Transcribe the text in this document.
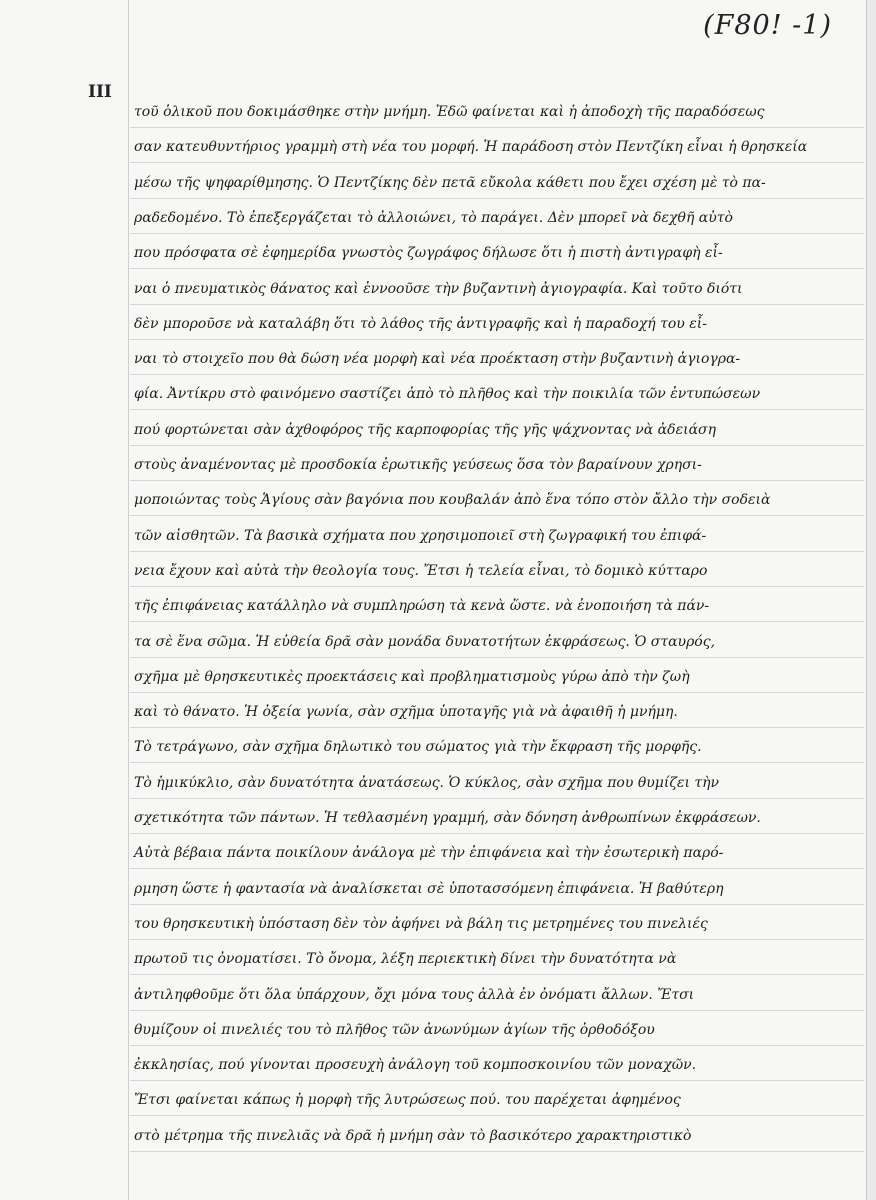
(F80! -1)
III
τοῦ ὁλικοῦ που δοκιμάσθηκε στὴν μνήμη. Ἐδῶ φαίνεται καὶ ἡ ἀποδοχὴ τῆς παραδόσεως
σαν κατευθυντήριος γραμμὴ στὴ νέα του μορφή. Ἡ παράδοση στὸν Πεντζίκη εἶναι ἡ θρησκεία
μέσω τῆς ψηφαρίθμησης. Ὁ Πεντζίκης δὲν πετᾶ εὔκολα κάθετι που ἔχει σχέση μὲ τὸ πα-
ραδεδομένο. Τὸ ἐπεξεργάζεται τὸ ἀλλοιώνει, τὸ παράγει. Δὲν μπορεῖ νὰ δεχθῆ αὐτὸ
που πρόσφατα σὲ ἐφημερίδα γνωστὸς ζωγράφος δήλωσε ὅτι ἡ πιστὴ ἀντιγραφὴ εἶ-
ναι ὁ πνευματικὸς θάνατος καὶ ἐννοοῦσε τὴν βυζαντινὴ ἁγιογραφία. Καὶ τοῦτο διότι
δὲν μποροῦσε νὰ καταλάβη ὅτι τὸ λάθος τῆς ἀντιγραφῆς καὶ ἡ παραδοχή του εἶ-
ναι τὸ στοιχεῖο που θὰ δώση νέα μορφὴ καὶ νέα προέκταση στὴν βυζαντινὴ ἁγιογρα-
φία. Ἀντίκρυ στὸ φαινόμενο σαστίζει ἀπὸ τὸ πλῆθος καὶ τὴν ποικιλία τῶν ἐντυπώσεων
πού φορτώνεται σὰν ἀχθοφόρος τῆς καρποφορίας τῆς γῆς ψάχνοντας νὰ ἀδειάση
στοὺς ἀναμένοντας μὲ προσδοκία ἐρωτικῆς γεύσεως ὅσα τὸν βαραίνουν χρησι-
μοποιώντας τοὺς Ἁγίους σὰν βαγόνια που κουβαλάν ἀπὸ ἕνα τόπο στὸν ἄλλο τὴν σοδειὰ
τῶν αἰσθητῶν. Τὰ βασικὰ σχήματα που χρησιμοποιεῖ στὴ ζωγραφική του ἐπιφά-
νεια ἔχουν καὶ αὐτὰ τὴν θεολογία τους. Ἔτσι ἡ τελεία εἶναι, τὸ δομικὸ κύτταρο
τῆς ἐπιφάνειας κατάλληλο νὰ συμπληρώση τὰ κενὰ ὥστε. νὰ ἐνοποιήση τὰ πάν-
τα σὲ ἕνα σῶμα. Ἡ εὐθεία δρᾶ σὰν μονάδα δυνατοτήτων ἐκφράσεως. Ὁ σταυρός,
σχῆμα μὲ θρησκευτικὲς προεκτάσεις καὶ προβληματισμοὺς γύρω ἀπὸ τὴν ζωὴ
καὶ τὸ θάνατο. Ἡ ὀξεία γωνία, σὰν σχῆμα ὑποταγῆς γιὰ νὰ ἀφαιθῆ ἡ μνήμη.
Τὸ τετράγωνο, σὰν σχῆμα δηλωτικὸ του σώματος γιὰ τὴν ἔκφραση τῆς μορφῆς.
Τὸ ἡμικύκλιο, σὰν δυνατότητα ἀνατάσεως. Ὁ κύκλος, σὰν σχῆμα που θυμίζει τὴν
σχετικότητα τῶν πάντων. Ἡ τεθλασμένη γραμμή, σὰν δόνηση ἀνθρωπίνων ἐκφράσεων.
Αὐτὰ βέβαια πάντα ποικίλουν ἀνάλογα μὲ τὴν ἐπιφάνεια καὶ τὴν ἐσωτερικὴ παρό-
ρμηση ὥστε ἡ φαντασία νὰ ἀναλίσκεται σὲ ὑποτασσόμενη ἐπιφάνεια. Ἡ βαθύτερη
του θρησκευτικὴ ὑπόσταση δὲν τὸν ἀφήνει νὰ βάλη τις μετρημένες του πινελιές
πρωτοῦ τις ὀνοματίσει. Τὸ ὄνομα, λέξη περιεκτικὴ δίνει τὴν δυνατότητα νὰ
ἀντιληφθοῦμε ὅτι ὅλα ὑπάρχουν, ὄχι μόνα τους ἀλλὰ ἐν ὀνόματι ἄλλων. Ἔτσι
θυμίζουν οἱ πινελιές του τὸ πλῆθος τῶν ἀνωνύμων ἁγίων τῆς ὀρθοδόξου
ἐκκλησίας, πού γίνονται προσευχὴ ἀνάλογη τοῦ κομποσκοινίου τῶν μοναχῶν.
Ἔτσι φαίνεται κάπως ἡ μορφὴ τῆς λυτρώσεως πού. του παρέχεται ἀφημένος
στὸ μέτρημα τῆς πινελιᾶς νὰ δρᾶ ἡ μνήμη σὰν τὸ βασικότερο χαρακτηριστικὸ
